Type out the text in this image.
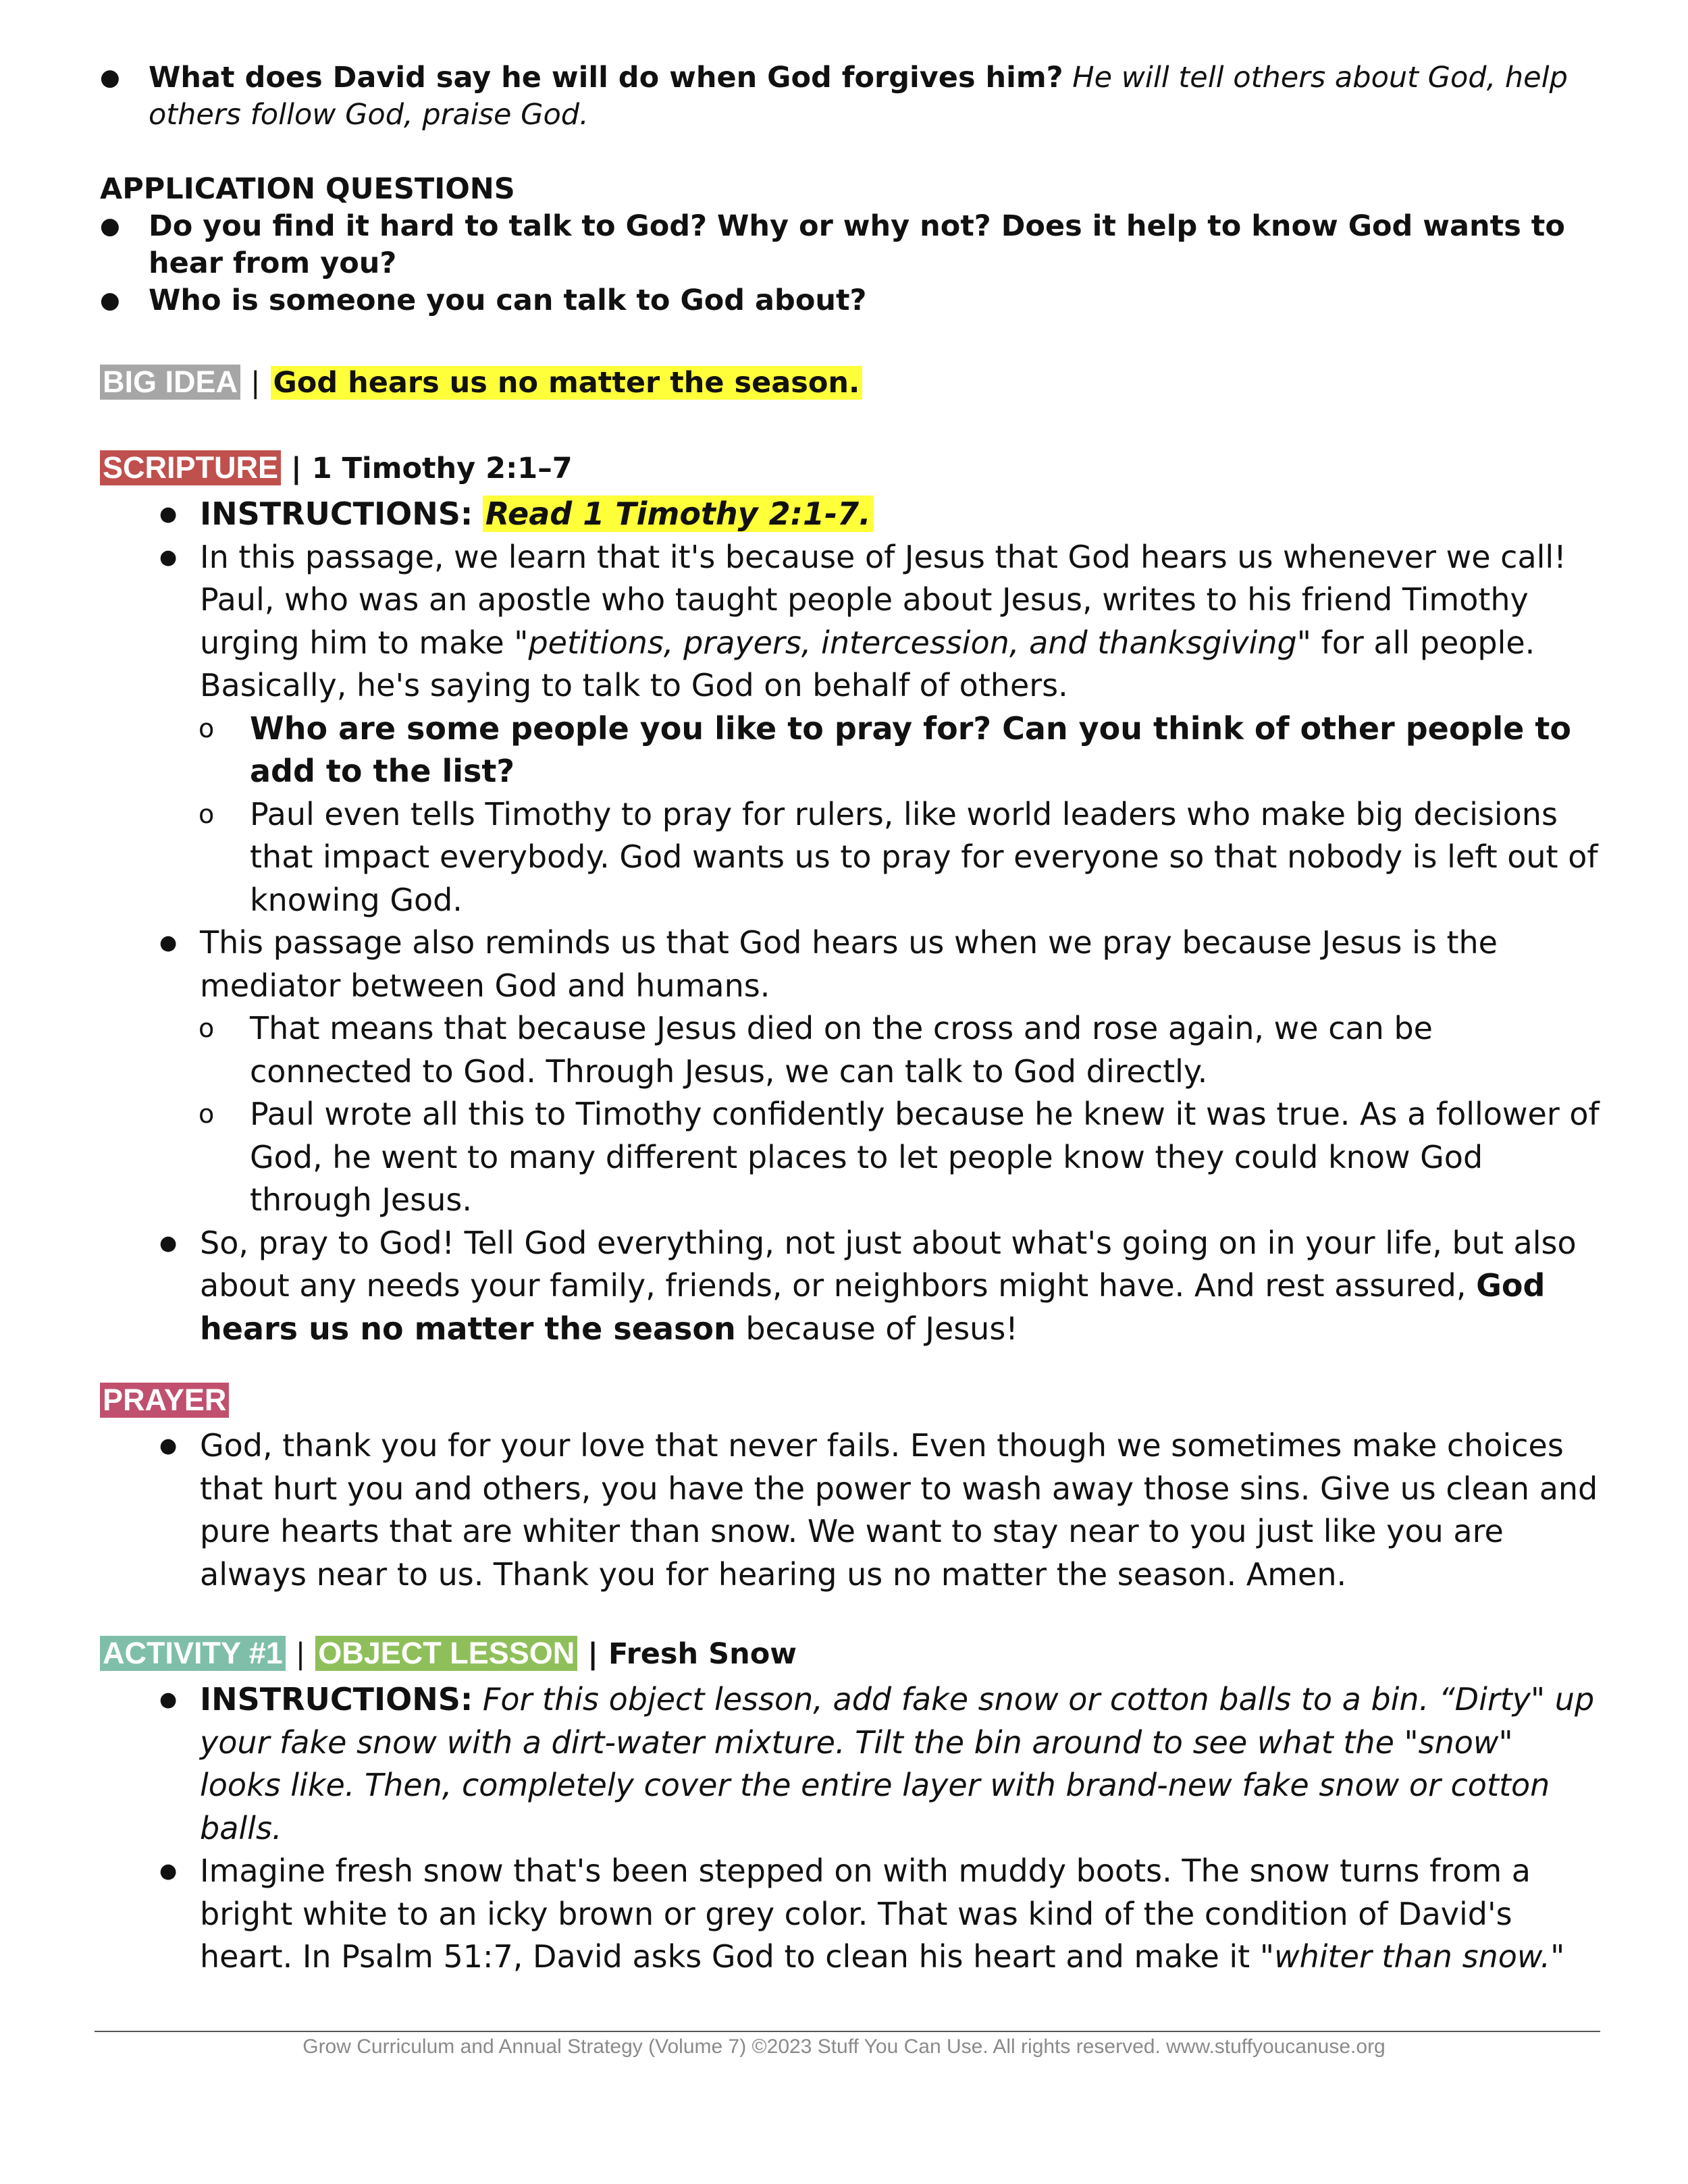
● What does David say he will do when God forgives him? He will tell others about God, help others follow God, praise God.
APPLICATION QUESTIONS
● Do you find it hard to talk to God? Why or why not? Does it help to know God wants to hear from you?
● Who is someone you can talk to God about?
BIG IDEA | God hears us no matter the season.
SCRIPTURE | 1 Timothy 2:1–7
● INSTRUCTIONS: Read 1 Timothy 2:1-7.
● In this passage, we learn that it's because of Jesus that God hears us whenever we call! Paul, who was an apostle who taught people about Jesus, writes to his friend Timothy urging him to make "petitions, prayers, intercession, and thanksgiving" for all people. Basically, he's saying to talk to God on behalf of others.
o Who are some people you like to pray for? Can you think of other people to add to the list?
o Paul even tells Timothy to pray for rulers, like world leaders who make big decisions that impact everybody. God wants us to pray for everyone so that nobody is left out of knowing God.
● This passage also reminds us that God hears us when we pray because Jesus is the mediator between God and humans.
o That means that because Jesus died on the cross and rose again, we can be connected to God. Through Jesus, we can talk to God directly.
o Paul wrote all this to Timothy confidently because he knew it was true. As a follower of God, he went to many different places to let people know they could know God through Jesus.
● So, pray to God! Tell God everything, not just about what's going on in your life, but also about any needs your family, friends, or neighbors might have. And rest assured, God hears us no matter the season because of Jesus!
PRAYER
● God, thank you for your love that never fails. Even though we sometimes make choices that hurt you and others, you have the power to wash away those sins. Give us clean and pure hearts that are whiter than snow. We want to stay near to you just like you are always near to us. Thank you for hearing us no matter the season. Amen.
ACTIVITY #1 | OBJECT LESSON | Fresh Snow
● INSTRUCTIONS: For this object lesson, add fake snow or cotton balls to a bin. “Dirty" up your fake snow with a dirt-water mixture. Tilt the bin around to see what the "snow" looks like. Then, completely cover the entire layer with brand-new fake snow or cotton balls.
● Imagine fresh snow that's been stepped on with muddy boots. The snow turns from a bright white to an icky brown or grey color. That was kind of the condition of David's heart. In Psalm 51:7, David asks God to clean his heart and make it "whiter than snow."
Grow Curriculum and Annual Strategy (Volume 7) ©2023 Stuff You Can Use. All rights reserved. www.stuffyoucanuse.org
